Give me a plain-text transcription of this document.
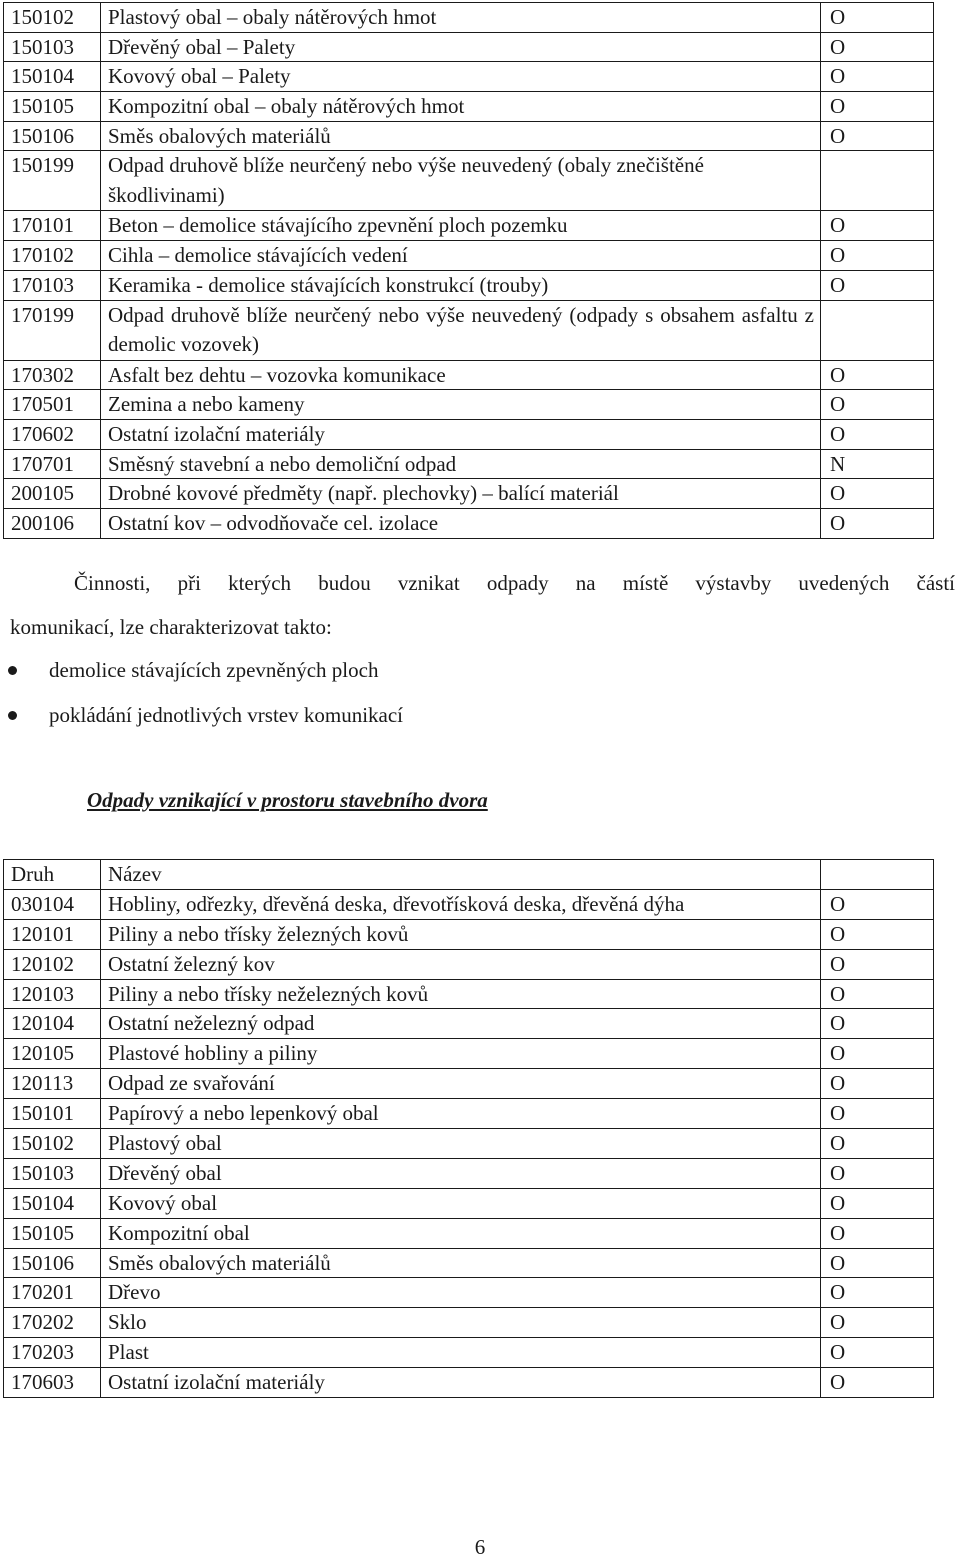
150102	Plastový obal – obaly nátěrových hmot	O
150103	Dřevěný obal – Palety	O
150104	Kovový obal – Palety	O
150105	Kompozitní obal – obaly nátěrových hmot	O
150106	Směs obalových materiálů	O
150199	Odpad druhově blíže neurčený nebo výše neuvedený (obaly znečištěné škodlivinami)	
170101	Beton – demolice stávajícího zpevnění ploch pozemku	O
170102	Cihla – demolice stávajících vedení	O
170103	Keramika - demolice stávajících konstrukcí (trouby)	O
170199	Odpad druhově blíže neurčený nebo výše neuvedený (odpady s obsahem asfaltu z demolic vozovek)	
170302	Asfalt bez dehtu – vozovka komunikace	O
170501	Zemina a nebo kameny	O
170602	Ostatní izolační materiály	O
170701	Směsný stavební a nebo demoliční odpad	N
200105	Drobné kovové předměty (např. plechovky) – balící materiál	O
200106	Ostatní kov – odvodňovače cel. izolace	O

Činnosti, při kterých budou vznikat odpady na místě výstavby uvedených částí
komunikací, lze charakterizovat takto:

demolice stávajících zpevněných ploch
pokládání jednotlivých vrstev komunikací
Odpady vznikající v prostoru stavebního dvora
Druh	Název	
030104	Hobliny, odřezky, dřevěná deska, dřevotřísková deska, dřevěná dýha	O
120101	Piliny a nebo třísky železných kovů	O
120102	Ostatní železný kov	O
120103	Piliny a nebo třísky neželezných kovů	O
120104	Ostatní neželezný odpad	O
120105	Plastové hobliny a piliny	O
120113	Odpad ze svařování	O
150101	Papírový a nebo lepenkový obal	O
150102	Plastový obal	O
150103	Dřevěný obal	O
150104	Kovový obal	O
150105	Kompozitní obal	O
150106	Směs obalových materiálů	O
170201	Dřevo	O
170202	Sklo	O
170203	Plast	O
170603	Ostatní izolační materiály	O
6
